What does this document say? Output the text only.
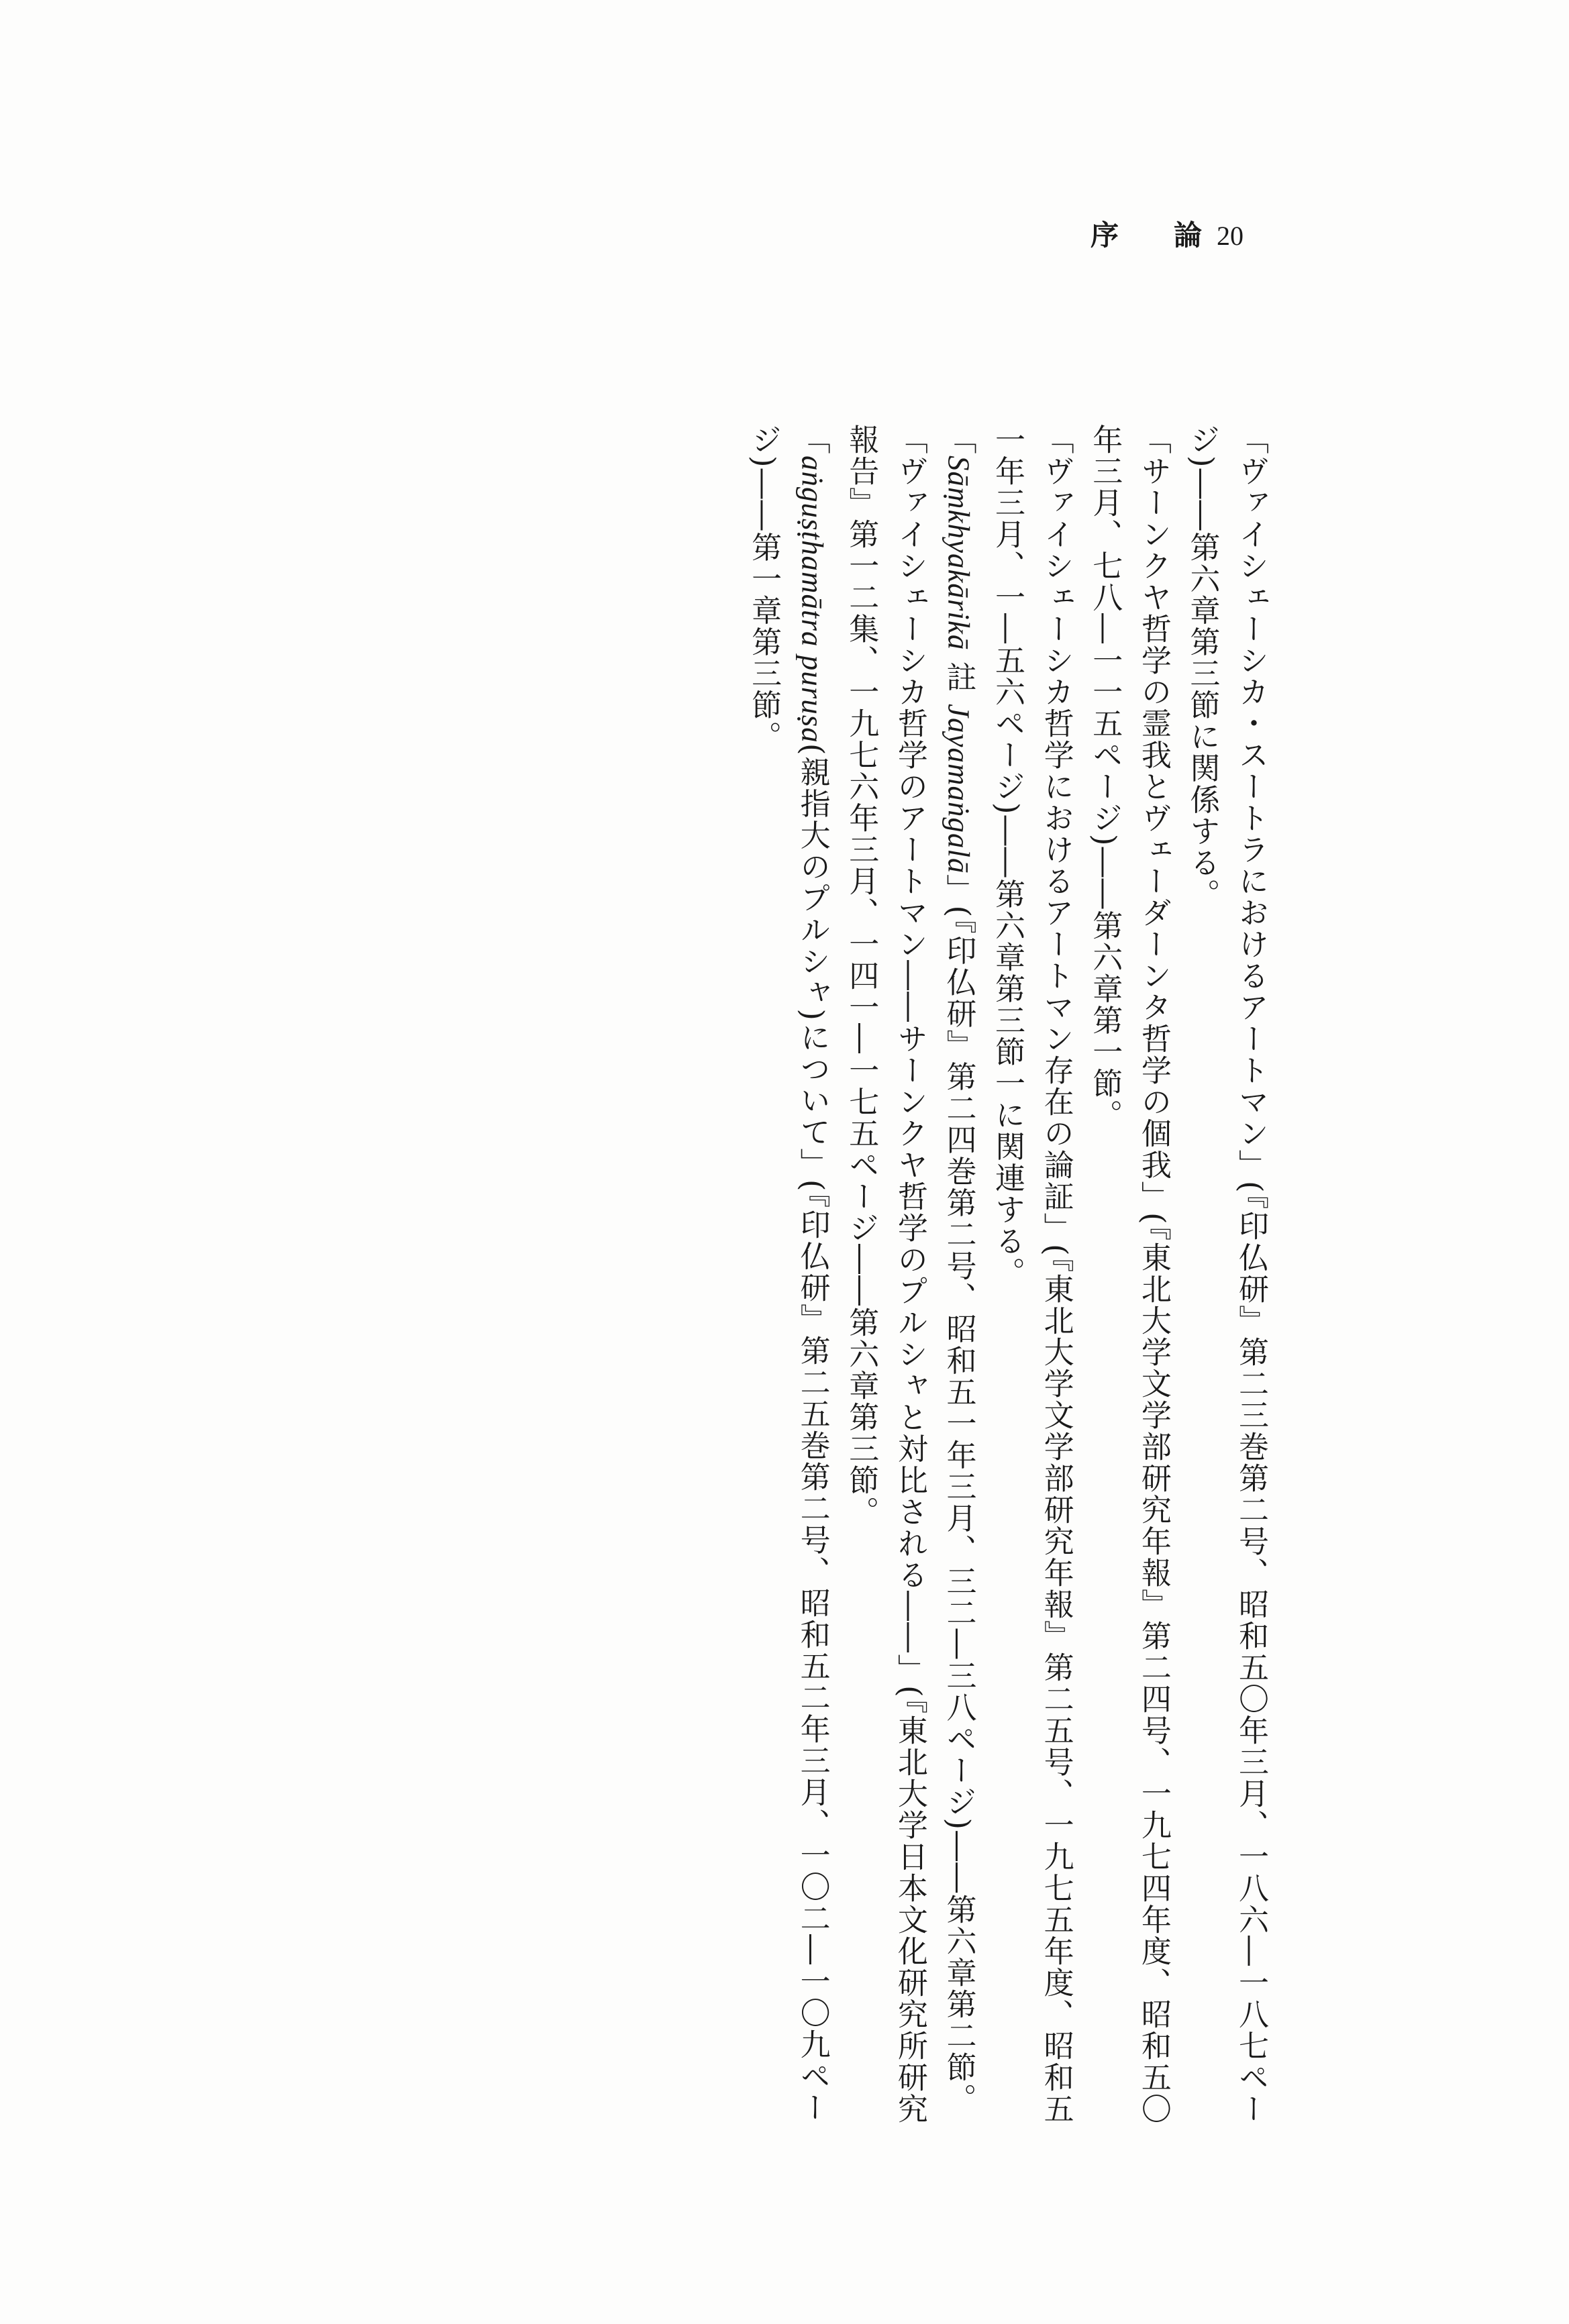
序 論 20

「ヴァイシェーシカ・スートラにおけるアートマン」(『印仏研』第二三巻第二号、昭和五〇年三月、一八六―一八七ページ)――第六章第三節に関係する。

「サーンクヤ哲学の霊我とヴェーダーンタ哲学の個我」(『東北大学文学部研究年報』第二四号、一九七四年度、昭和五〇年三月、七八―一一五ページ)――第六章第一節。

「ヴァイシェーシカ哲学におけるアートマン存在の論証」(『東北大学文学部研究年報』第二五号、一九七五年度、昭和五一年三月、一―五六ページ)――第六章第三節一に関連する。

「Sāṃkhyakārikā 註 Jayamaṅgalā」(『印仏研』第二四巻第二号、昭和五一年三月、三二―三八ページ)――第六章第二節。

「ヴァイシェーシカ哲学のアートマン――サーンクヤ哲学のプルシャと対比される――」(『東北大学日本文化研究所研究報告』第一二集、一九七六年三月、一四一―一七五ページ――第六章第三節。

「aṅguṣṭhamātra puruṣa(親指大のプルシャ)について」(『印仏研』第二五巻第二号、昭和五二年三月、一〇二―一〇九ページ)――第一章第三節。
